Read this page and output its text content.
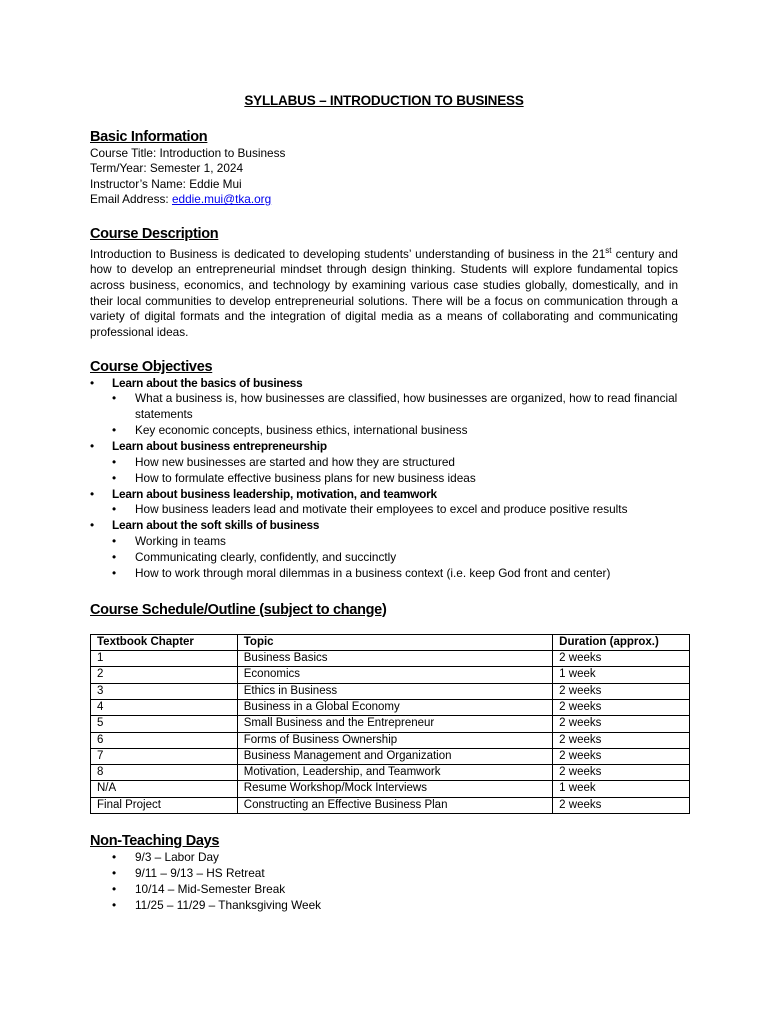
SYLLABUS – INTRODUCTION TO BUSINESS
Basic Information
Course Title: Introduction to Business
Term/Year: Semester 1, 2024
Instructor’s Name: Eddie Mui
Email Address: eddie.mui@tka.org
Course Description

Introduction to Business is dedicated to developing students’ understanding of business in the 21st century and how to develop an entrepreneurial mindset through design thinking. Students will explore fundamental topics across business, economics, and technology by examining various case studies globally, domestically, and in their local communities to develop entrepreneurial solutions. There will be a focus on communication through a variety of digital formats and the integration of digital media as a means of collaborating and communicating professional ideas.

Course Objectives
• Learn about the basics of business
• What a business is, how businesses are classified, how businesses are organized, how to read financial statements
• Key economic concepts, business ethics, international business
• Learn about business entrepreneurship
• How new businesses are started and how they are structured
• How to formulate effective business plans for new business ideas
• Learn about business leadership, motivation, and teamwork
• How business leaders lead and motivate their employees to excel and produce positive results
• Learn about the soft skills of business
• Working in teams
• Communicating clearly, confidently, and succinctly
• How to work through moral dilemmas in a business context (i.e. keep God front and center)
Course Schedule/Outline (subject to change)
Textbook Chapter	Topic	Duration (approx.)
1	Business Basics	2 weeks
2	Economics	1 week
3	Ethics in Business	2 weeks
4	Business in a Global Economy	2 weeks
5	Small Business and the Entrepreneur	2 weeks
6	Forms of Business Ownership	2 weeks
7	Business Management and Organization	2 weeks
8	Motivation, Leadership, and Teamwork	2 weeks
N/A	Resume Workshop/Mock Interviews	1 week
Final Project	Constructing an Effective Business Plan	2 weeks
Non-Teaching Days
• 9/3 – Labor Day
• 9/11 – 9/13 – HS Retreat
• 10/14 – Mid-Semester Break
• 11/25 – 11/29 – Thanksgiving Week
